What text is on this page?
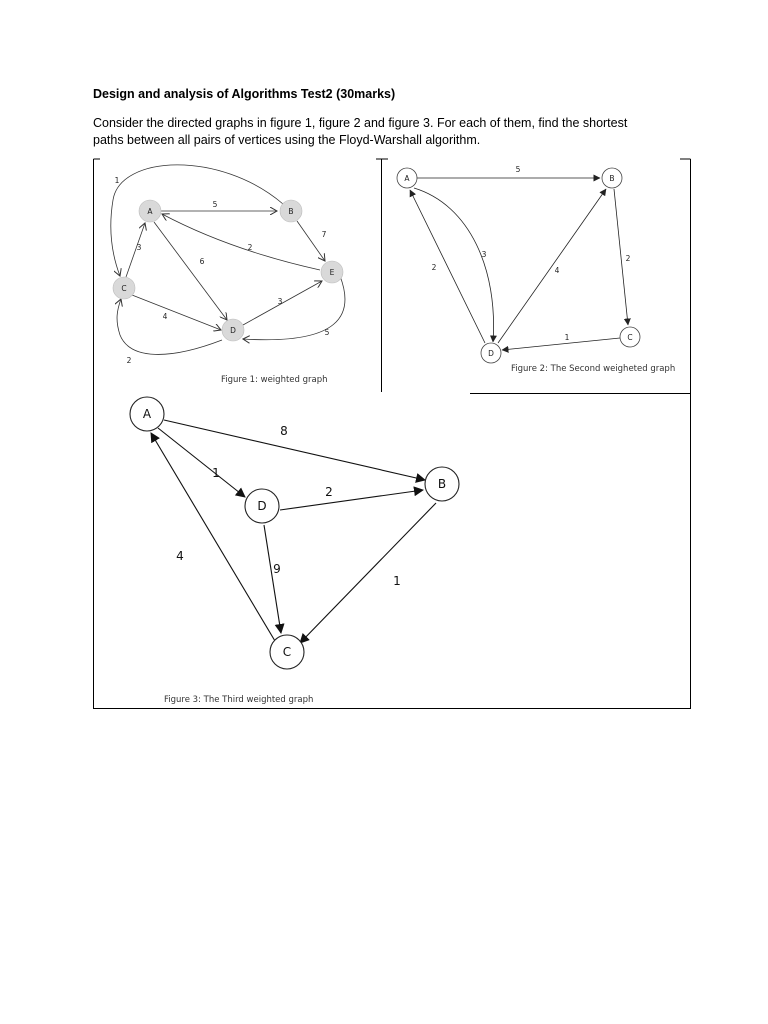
Design and analysis of Algorithms Test2 (30marks)
Consider the directed graphs in figure 1, figure 2 and figure 3. For each of them, find the shortest
paths between all pairs of vertices using the Floyd-Warshall algorithm.
A	B
C
D
E
5
7
2
6
3
4
3
5
1
2
Figure 1: weighted graph
A	B
C
D
5
2
1
2
3
4
Figure 2: The Second weigheted graph
A
B
C
D
8
1
2
9
1
4
Figure 3: The Third weighted graph
